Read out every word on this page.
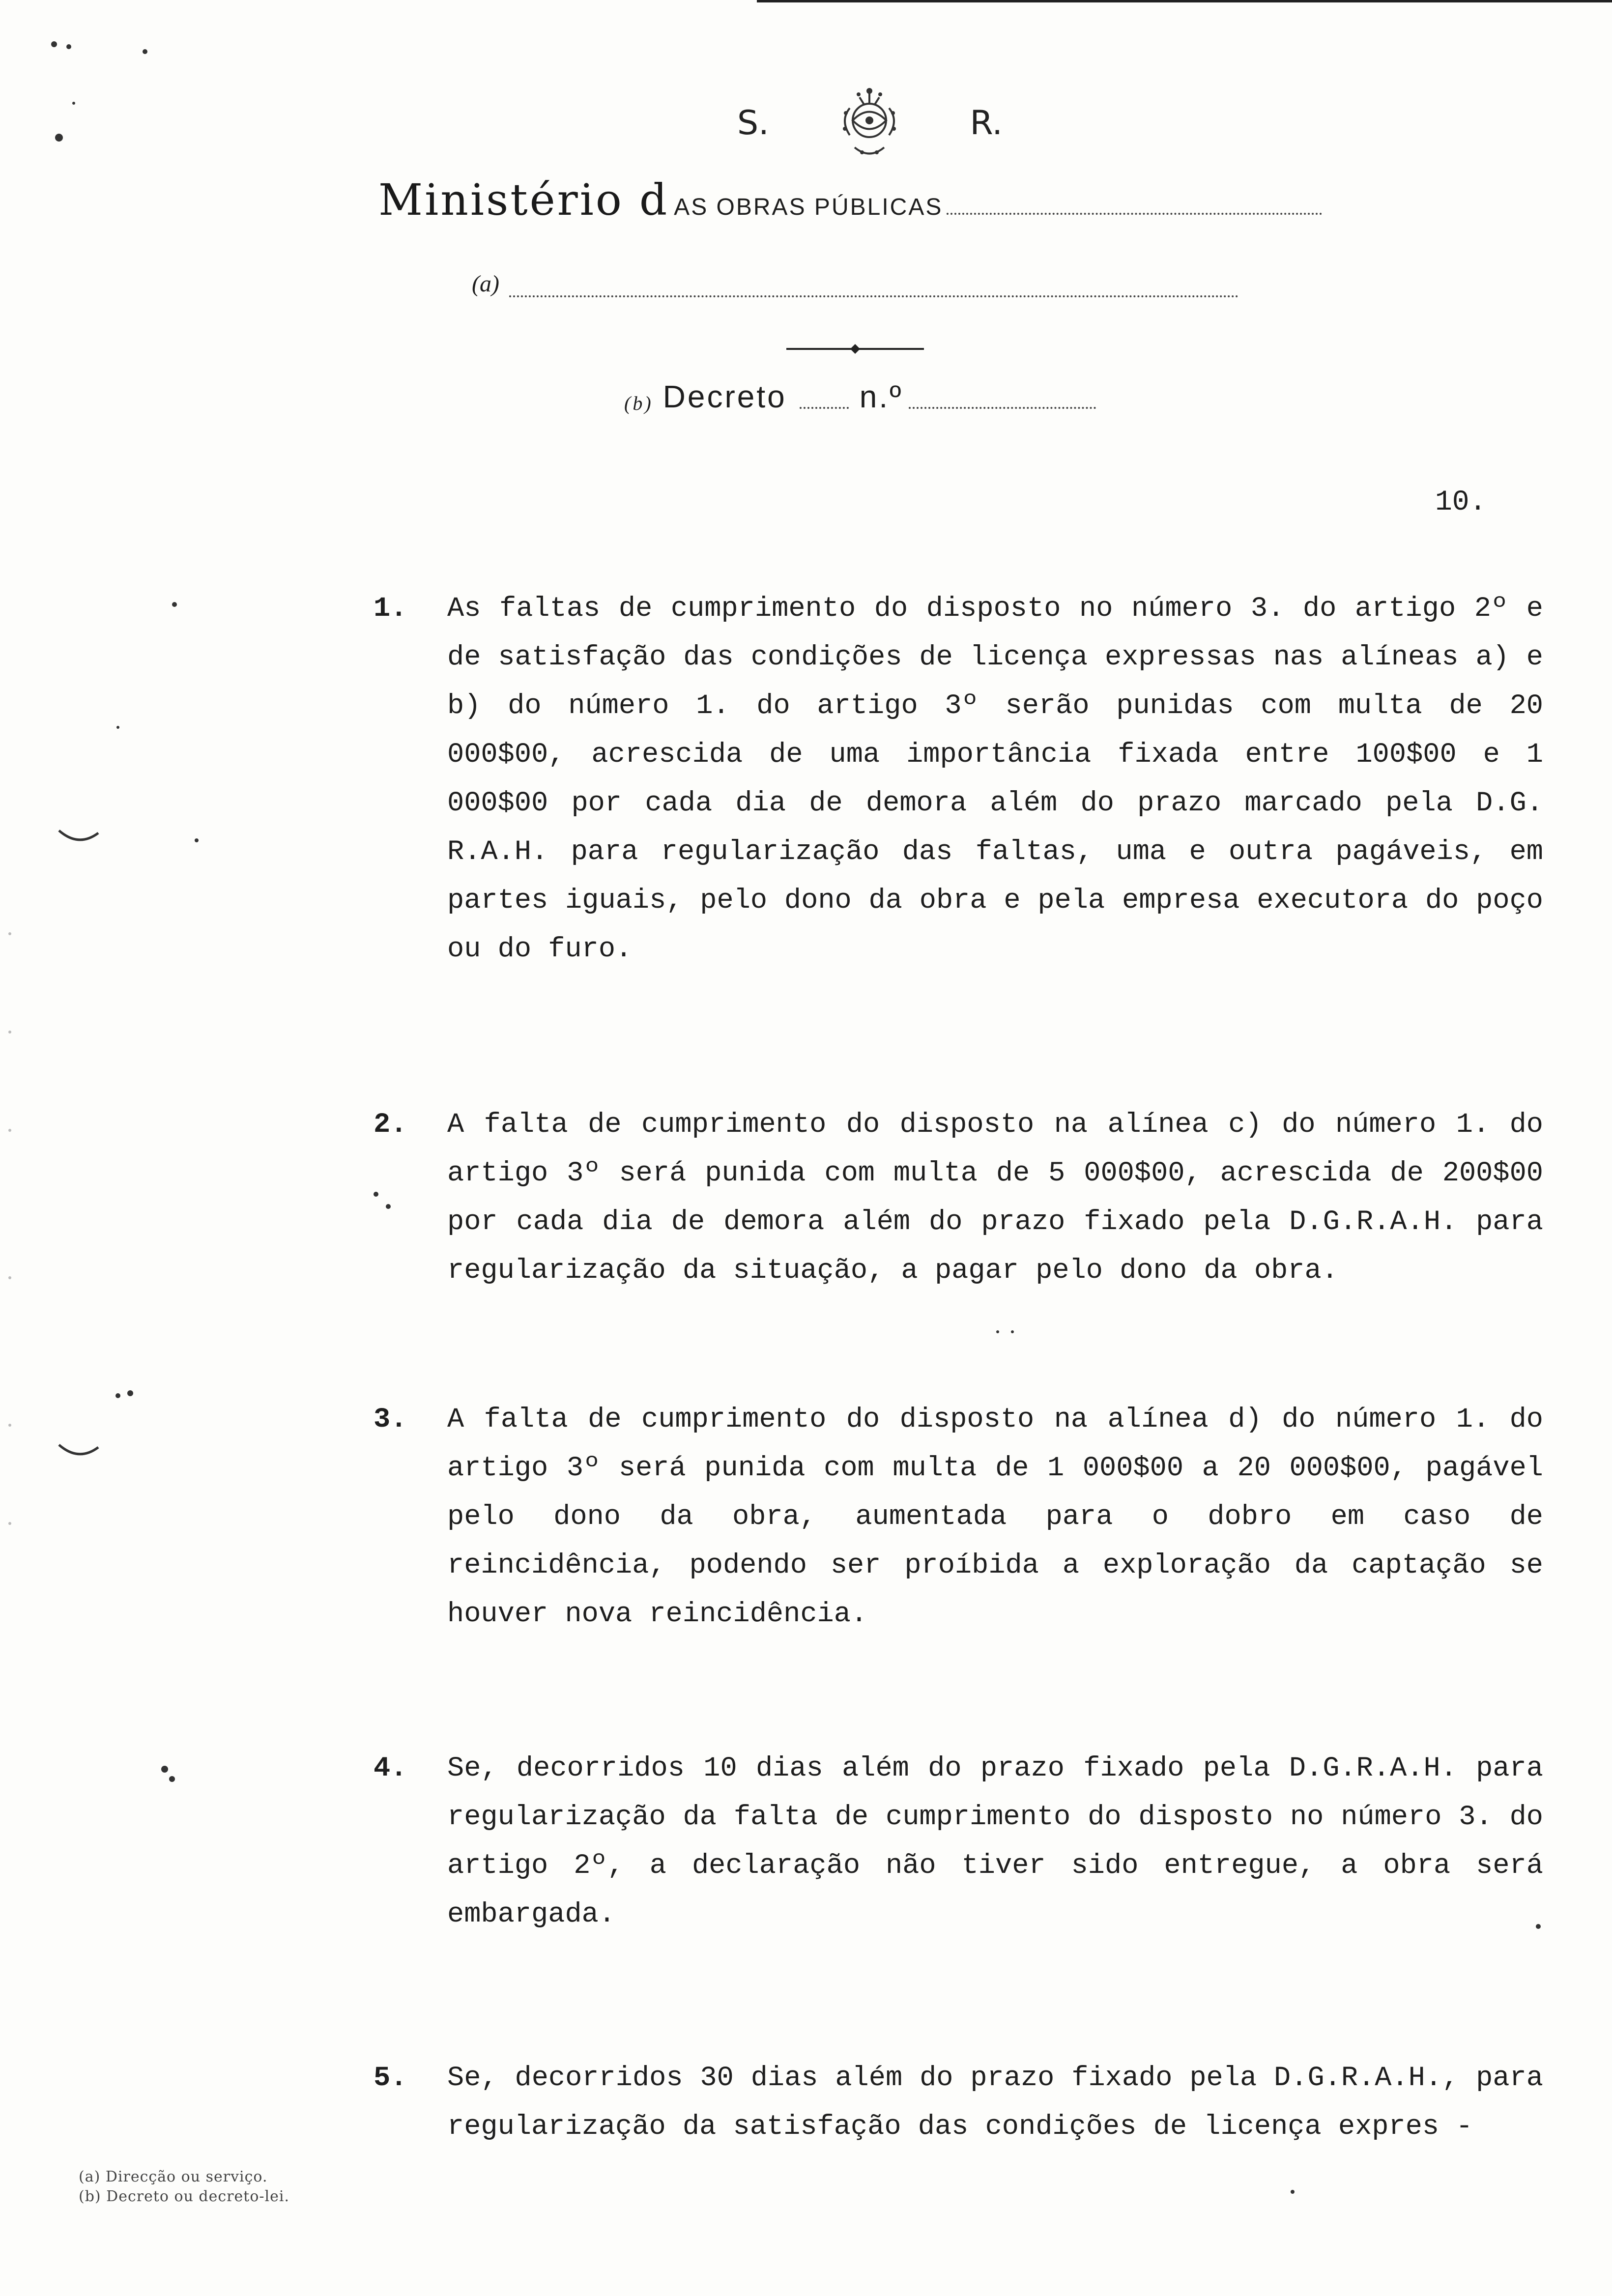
S.	R.
Ministério d AS OBRAS PÚBLICAS
(a)
(b) Decreto n.º
10.
1. As faltas de cumprimento do disposto no número 3. do artigo 2º e de satisfação das condições de licença expressas nas alíneas a) e b) do número 1. do artigo 3º serão punidas com multa de 20 000$00, acrescida de uma importância fixada entre 100$00 e 1 000$00 por cada dia de demora além do prazo marcado pela D.G. R.A.H. para regularização das faltas, uma e outra pagáveis, em partes iguais, pelo dono da obra e pela empresa executora do poço ou do furo.
2. A falta de cumprimento do disposto na alínea c) do número 1. do artigo 3º será punida com multa de 5 000$00, acrescida de 200$00 por cada dia de demora além do prazo fixado pela D.G.R.A.H. para regularização da situação, a pagar pelo dono da obra.
3. A falta de cumprimento do disposto na alínea d) do número 1. do artigo 3º será punida com multa de 1 000$00 a 20 000$00, pagável pelo dono da obra, aumentada para o dobro em caso de reincidência, podendo ser proíbida a exploração da captação se houver nova reincidência.
4. Se, decorridos 10 dias além do prazo fixado pela D.G.R.A.H. para regularização da falta de cumprimento do disposto no número 3. do artigo 2º, a declaração não tiver sido entregue, a obra será embargada.
5. Se, decorridos 30 dias além do prazo fixado pela D.G.R.A.H., para regularização da satisfação das condições de licença expres -
(a) Direcção ou serviço.
(b) Decreto ou decreto-lei.
